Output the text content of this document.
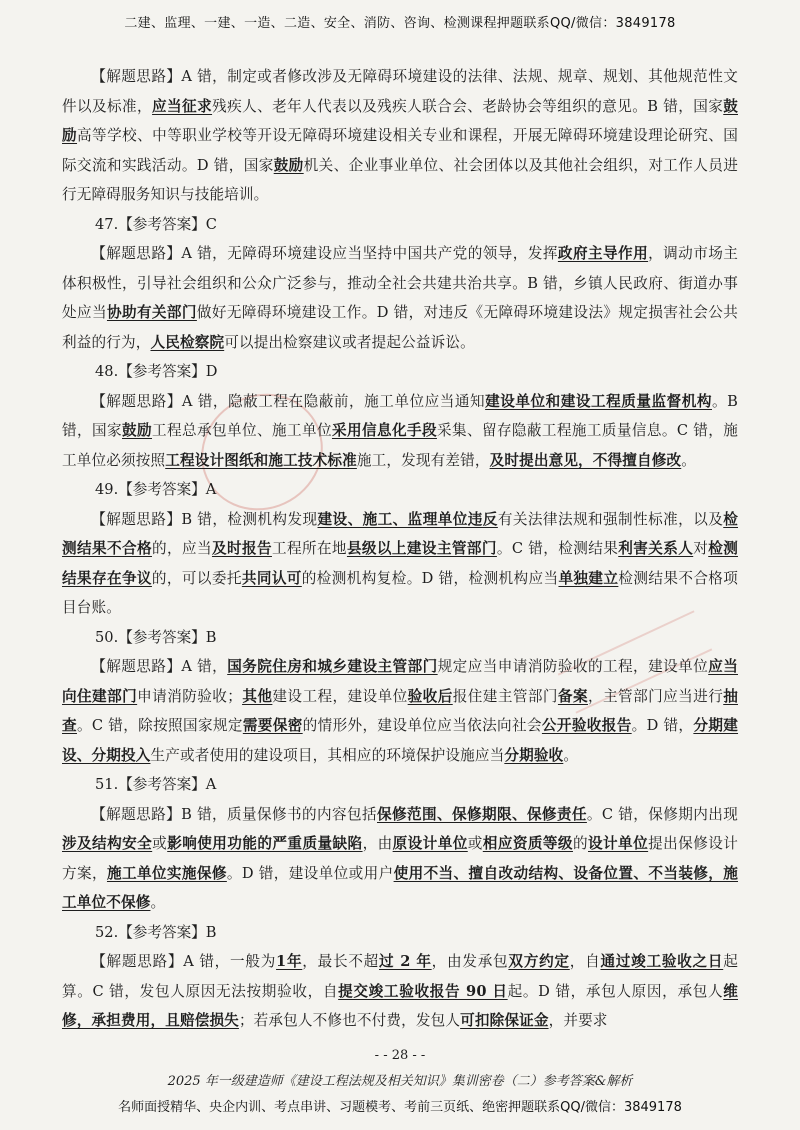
二建、监理、一建、一造、二造、安全、消防、咨询、检测课程押题联系QQ/微信：3849178

【解题思路】A 错，制定或者修改涉及无障碍环境建设的法律、法规、规章、规划、其他规范性文件以及标准，应当征求残疾人、老年人代表以及残疾人联合会、老龄协会等组织的意见。B 错，国家鼓励高等学校、中等职业学校等开设无障碍环境建设相关专业和课程，开展无障碍环境建设理论研究、国际交流和实践活动。D 错，国家鼓励机关、企业事业单位、社会团体以及其他社会组织，对工作人员进行无障碍服务知识与技能培训。

47.【参考答案】C

【解题思路】A 错，无障碍环境建设应当坚持中国共产党的领导，发挥政府主导作用，调动市场主体积极性，引导社会组织和公众广泛参与，推动全社会共建共治共享。B 错，乡镇人民政府、街道办事处应当协助有关部门做好无障碍环境建设工作。D 错，对违反《无障碍环境建设法》规定损害社会公共利益的行为，人民检察院可以提出检察建议或者提起公益诉讼。

48.【参考答案】D

【解题思路】A 错，隐蔽工程在隐蔽前，施工单位应当通知建设单位和建设工程质量监督机构。B 错，国家鼓励工程总承包单位、施工单位采用信息化手段采集、留存隐蔽工程施工质量信息。C 错，施工单位必须按照工程设计图纸和施工技术标准施工，发现有差错，及时提出意见，不得擅自修改。

49.【参考答案】A

【解题思路】B 错，检测机构发现建设、施工、监理单位违反有关法律法规和强制性标准，以及检测结果不合格的，应当及时报告工程所在地县级以上建设主管部门。C 错，检测结果利害关系人对检测结果存在争议的，可以委托共同认可的检测机构复检。D 错，检测机构应当单独建立检测结果不合格项目台账。

50.【参考答案】B

【解题思路】A 错，国务院住房和城乡建设主管部门规定应当申请消防验收的工程，建设单位应当向住建部门申请消防验收；其他建设工程，建设单位验收后报住建主管部门备案，主管部门应当进行抽查。C 错，除按照国家规定需要保密的情形外，建设单位应当依法向社会公开验收报告。D 错，分期建设、分期投入生产或者使用的建设项目，其相应的环境保护设施应当分期验收。

51.【参考答案】A

【解题思路】B 错，质量保修书的内容包括保修范围、保修期限、保修责任。C 错，保修期内出现涉及结构安全或影响使用功能的严重质量缺陷，由原设计单位或相应资质等级的设计单位提出保修设计方案，施工单位实施保修。D 错，建设单位或用户使用不当、擅自改动结构、设备位置、不当装修，施工单位不保修。

52.【参考答案】B

【解题思路】A 错，一般为1年，最长不超过 2 年，由发承包双方约定，自通过竣工验收之日起算。C 错，发包人原因无法按期验收，自提交竣工验收报告 90 日起。D 错，承包人原因，承包人维修，承担费用，且赔偿损失；若承包人不修也不付费，发包人可扣除保证金，并要求

- - 28 - -
2025 年一级建造师《建设工程法规及相关知识》集训密卷（二）参考答案&解析
名师面授精华、央企内训、考点串讲、习题模考、考前三页纸、绝密押题联系QQ/微信：3849178
